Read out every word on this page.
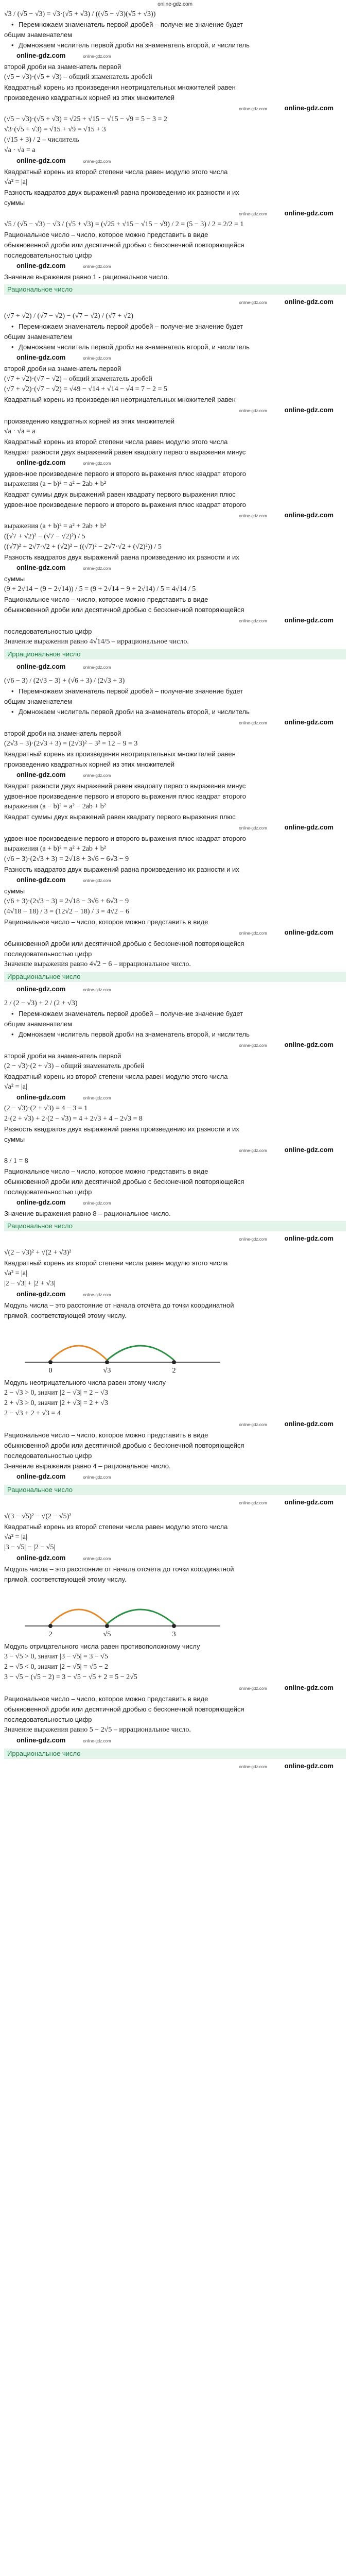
online-gdz.com
√3 / (√5 − √3) = √3·(√5 + √3) / ((√5 − √3)(√5 + √3))
• Перемножаем знаменатель первой дробей – получение значение будет
общим знаменателем
• Домножаем числитель первой дроби на знаменатель второй, и числитель
online-gdz.com	online-gdz.com
второй дроби на знаменатель первой
(√5 − √3)·(√5 + √3) – общий знаменатель дробей
Квадратный корень из произведения неотрицательных множителей равен
произведению квадратных корней из этих множителей
online-gdz.com	online-gdz.com
(√5 − √3)·(√5 + √3) = √25 + √15 − √15 − √9 = 5 − 3 = 2
√3·(√5 + √3) = √15 + √9 = √15 + 3
(√15 + 3) / 2 – числитель
√a · √a = a
online-gdz.com	online-gdz.com
Квадратный корень из второй степени числа равен модулю этого числа
√a² = |a|
Разность квадратов двух выражений равна произведению их разности и их
суммы
online-gdz.com	online-gdz.com
√5 / (√5 − √3) − √3 / (√5 + √3) = (√25 + √15 − √15 − √9) / 2 = (5 − 3) / 2 = 2/2 = 1
Рациональное число – число, которое можно представить в виде
обыкновенной дроби или десятичной дробью с бесконечной повторяющейся
последовательностью цифр
online-gdz.com	online-gdz.com
Значение выражения равно 1 - рациональное число.
Рациональное число
online-gdz.com	online-gdz.com
(√7 + √2) / (√7 − √2) − (√7 − √2) / (√7 + √2)
• Перемножаем знаменатель первой дробей – получение значение будет
общим знаменателем
• Домножаем числитель первой дроби на знаменатель второй, и числитель
online-gdz.com	online-gdz.com
второй дроби на знаменатель первой
(√7 + √2)·(√7 − √2) – общий знаменатель дробей
(√7 + √2)·(√7 − √2) = √49 − √14 + √14 − √4 = 7 − 2 = 5
Квадратный корень из произведения неотрицательных множителей равен
online-gdz.com	online-gdz.com
произведению квадратных корней из этих множителей
√a · √a = a
Квадратный корень из второй степени числа равен модулю этого числа
Квадрат разности двух выражений равен квадрату первого выражения минус
online-gdz.com	online-gdz.com
удвоенное произведение первого и второго выражения плюс квадрат второго
выражения (a − b)² = a² − 2ab + b²
Квадрат суммы двух выражений равен квадрату первого выражения плюс
удвоенное произведение первого и второго выражения плюс квадрат второго
online-gdz.com	online-gdz.com
выражения (a + b)² = a² + 2ab + b²
((√7 + √2)² − (√7 − √2)²) / 5
((√7)² + 2√7·√2 + (√2)² − ((√7)² − 2√7·√2 + (√2)²)) / 5
Разность квадратов двух выражений равна произведению их разности и их
online-gdz.com	online-gdz.com
суммы
(9 + 2√14 − (9 − 2√14)) / 5 = (9 + 2√14 − 9 + 2√14) / 5 = 4√14 / 5
Рациональное число – число, которое можно представить в виде
обыкновенной дроби или десятичной дробью с бесконечной повторяющейся
online-gdz.com	online-gdz.com
последовательностью цифр
Значение выражения равно 4√14/5 – иррациональное число.
Иррациональное число
online-gdz.com	online-gdz.com
(√6 − 3) / (2√3 − 3) + (√6 + 3) / (2√3 + 3)
• Перемножаем знаменатель первой дробей – получение значение будет
общим знаменателем
• Домножаем числитель первой дроби на знаменатель второй, и числитель
online-gdz.com	online-gdz.com
второй дроби на знаменатель первой
(2√3 − 3)·(2√3 + 3) = (2√3)² − 3² = 12 − 9 = 3
Квадратный корень из произведения неотрицательных множителей равен
произведению квадратных корней из этих множителей
online-gdz.com	online-gdz.com
Квадрат разности двух выражений равен квадрату первого выражения минус
удвоенное произведение первого и второго выражения плюс квадрат второго
выражения (a − b)² = a² − 2ab + b²
Квадрат суммы двух выражений равен квадрату первого выражения плюс
online-gdz.com	online-gdz.com
удвоенное произведение первого и второго выражения плюс квадрат второго
выражения (a + b)² = a² + 2ab + b²
(√6 − 3)·(2√3 + 3) = 2√18 + 3√6 − 6√3 − 9
Разность квадратов двух выражений равна произведению их разности и их
online-gdz.com	online-gdz.com
суммы
(√6 + 3)·(2√3 − 3) = 2√18 − 3√6 + 6√3 − 9
(4√18 − 18) / 3 = (12√2 − 18) / 3 = 4√2 − 6
Рациональное число – число, которое можно представить в виде
online-gdz.com	online-gdz.com
обыкновенной дроби или десятичной дробью с бесконечной повторяющейся
последовательностью цифр
Значение выражения равно 4√2 − 6 – иррациональное число.
Иррациональное число
online-gdz.com	online-gdz.com
2 / (2 − √3) + 2 / (2 + √3)
• Перемножаем знаменатель первой дробей – получение значение будет
общим знаменателем
• Домножаем числитель первой дроби на знаменатель второй, и числитель
online-gdz.com	online-gdz.com
второй дроби на знаменатель первой
(2 − √3)·(2 + √3) – общий знаменатель дробей
Квадратный корень из второй степени числа равен модулю этого числа
√a² = |a|
online-gdz.com	online-gdz.com
(2 − √3)·(2 + √3) = 4 − 3 = 1
2·(2 + √3) + 2·(2 − √3) = 4 + 2√3 + 4 − 2√3 = 8
Разность квадратов двух выражений равна произведению их разности и их
суммы
online-gdz.com	online-gdz.com
8 / 1 = 8
Рациональное число – число, которое можно представить в виде
обыкновенной дроби или десятичной дробью с бесконечной повторяющейся
последовательностью цифр
online-gdz.com	online-gdz.com
Значение выражения равно 8 – рациональное число.
Рациональное число
online-gdz.com	online-gdz.com
√(2 − √3)² + √(2 + √3)²
Квадратный корень из второй степени числа равен модулю этого числа
√a² = |a|
|2 − √3| + |2 + √3|
online-gdz.com	online-gdz.com
Модуль числа – это расстояние от начала отсчёта до точки координатной
прямой, соответствующей этому числу.
0	√3	2
Модуль неотрицательного числа равен этому числу
2 − √3 > 0, значит |2 − √3| = 2 − √3
2 + √3 > 0, значит |2 + √3| = 2 + √3
2 − √3 + 2 + √3 = 4
online-gdz.com	online-gdz.com
Рациональное число – число, которое можно представить в виде
обыкновенной дроби или десятичной дробью с бесконечной повторяющейся
последовательностью цифр
Значение выражения равно 4 – рациональное число.
online-gdz.com	online-gdz.com
Рациональное число
online-gdz.com	online-gdz.com
√(3 − √5)² − √(2 − √5)²
Квадратный корень из второй степени числа равен модулю этого числа
√a² = |a|
|3 − √5| − |2 − √5|
online-gdz.com	online-gdz.com
Модуль числа – это расстояние от начала отсчёта до точки координатной
прямой, соответствующей этому числу.
2	√5	3
Модуль отрицательного числа равен противоположному числу
3 − √5 > 0, значит |3 − √5| = 3 − √5
2 − √5 < 0, значит |2 − √5| = √5 − 2
3 − √5 − (√5 − 2) = 3 − √5 − √5 + 2 = 5 − 2√5
online-gdz.com	online-gdz.com
Рациональное число – число, которое можно представить в виде
обыкновенной дроби или десятичной дробью с бесконечной повторяющейся
последовательностью цифр
Значение выражения равно 5 − 2√5 – иррациональное число.
online-gdz.com	online-gdz.com
Иррациональное число
online-gdz.com	online-gdz.com
